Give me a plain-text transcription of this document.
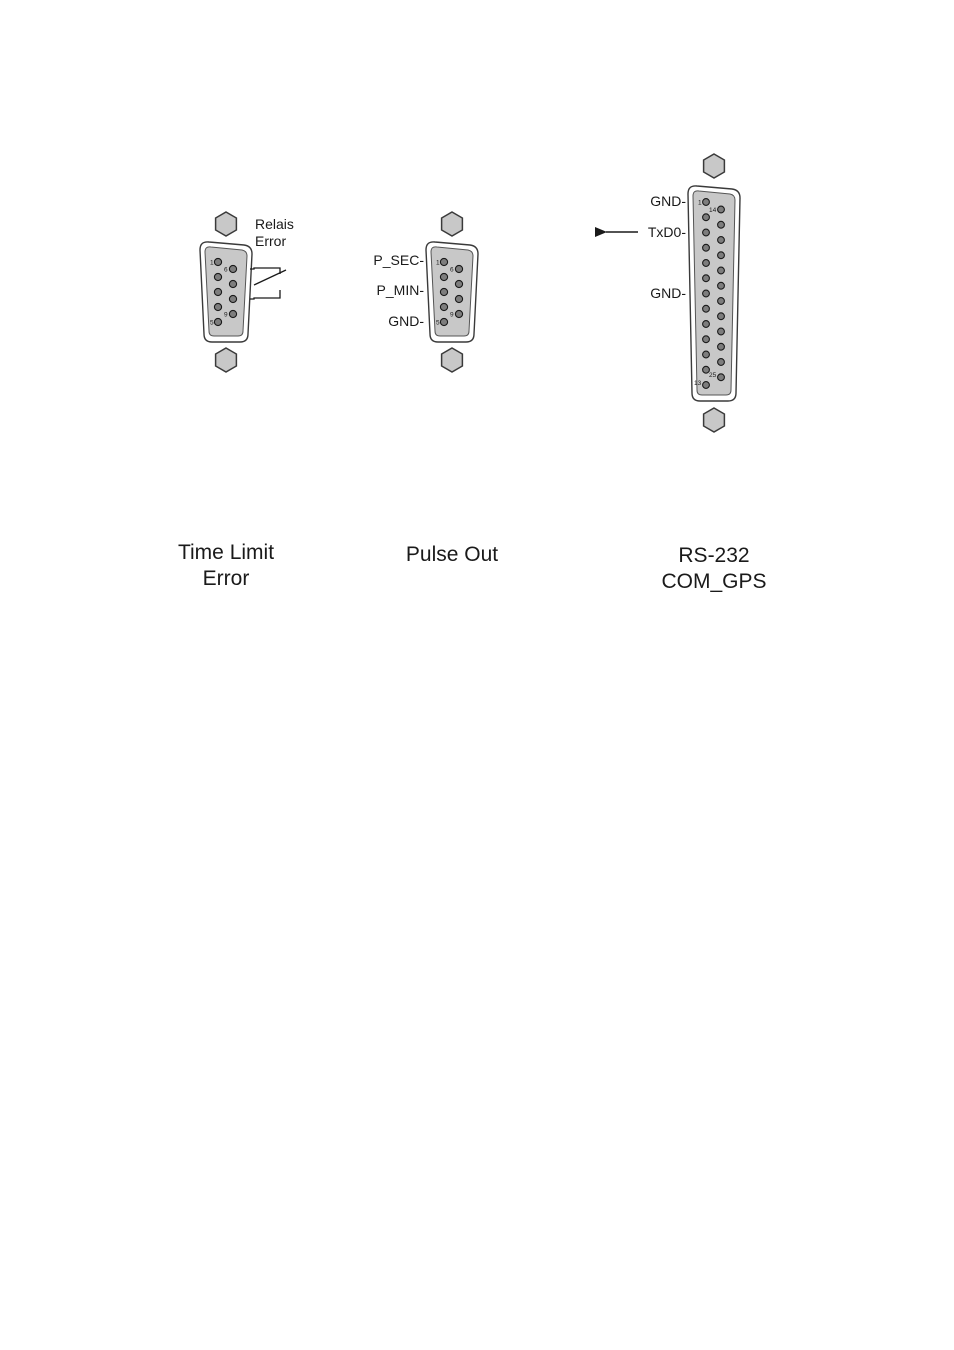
1
6
9
5
Relais
Error
1
6
9
5
P_SEC-
P_MIN-
GND-
1
14
25
13
GND-
TxD0-
GND-
Time Limit
Error
Pulse Out	RS-232
COM_GPS
